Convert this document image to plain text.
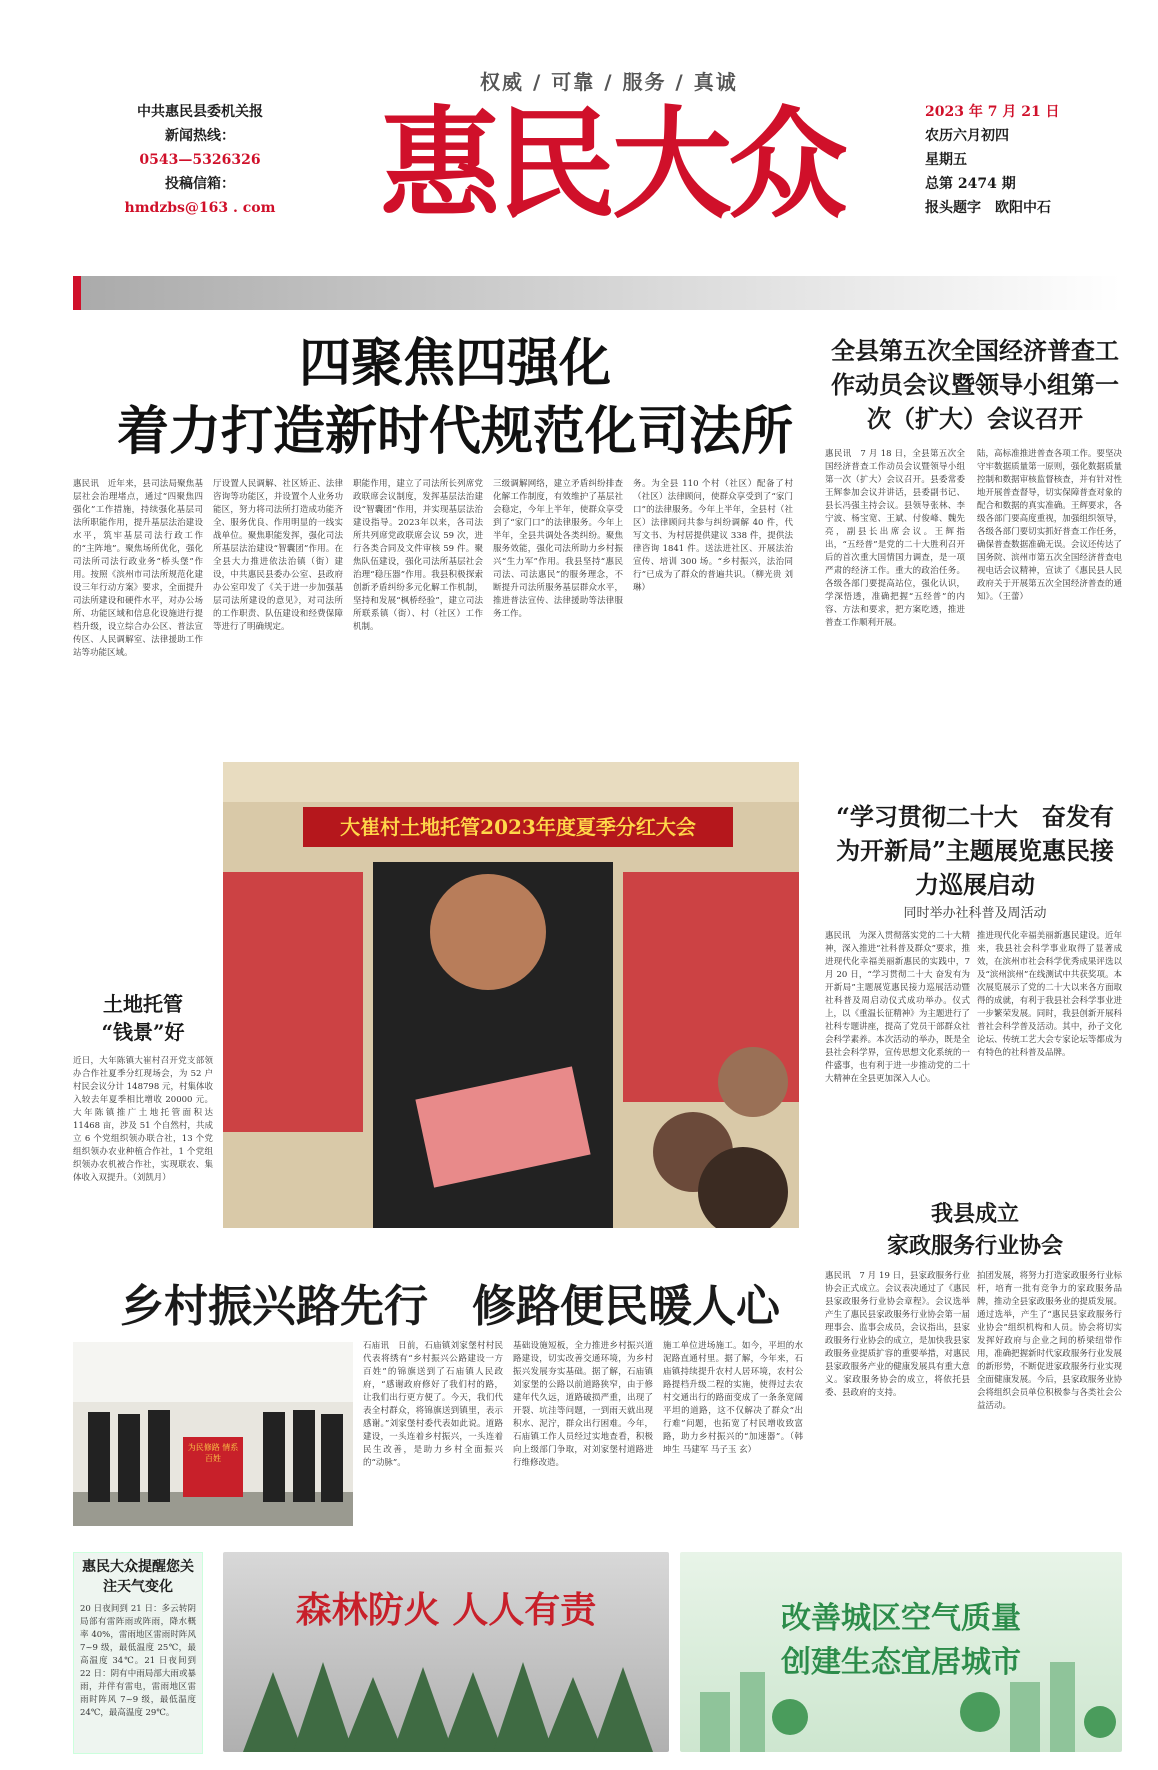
权威 / 可靠 / 服务 / 真诚
中共惠民县委机关报
新闻热线：
0543—5326326
投稿信箱：
hmdzbs@163 . com 惠民大众	2023 年 7 月 21 日
农历六月初四
星期五
总第 2474 期
报头题字　欧阳中石
四聚焦四强化
着力打造新时代规范化司法所
惠民讯　近年来，县司法局聚焦基层社会治理堵点，通过“四聚焦四强化”工作措施，持续强化基层司法所职能作用，提升基层法治建设水平，筑牢基层司法行政工作的“主阵地”。聚焦场所优化，强化司法所司法行政业务“桥头堡”作用。按照《滨州市司法所规范化建设三年行动方案》要求，全面提升司法所建设和硬件水平，对办公场所、功能区域和信息化设施进行提档升级，设立综合办公区、普法宣传区、人民调解室、法律援助工作站等功能区域。
厅设置人民调解、社区矫正、法律咨询等功能区，并设置个人业务功能区，努力将司法所打造成功能齐全、服务优良、作用明显的一线实战单位。聚焦职能发挥，强化司法所基层法治建设“智囊团”作用。在全县大力推进依法治镇（街）建设，中共惠民县委办公室、县政府办公室印发了《关于进一步加强基层司法所建设的意见》，对司法所的工作职责、队伍建设和经费保障等进行了明确规定。
职能作用，建立了司法所长列席党政联席会议制度，发挥基层法治建设“智囊团”作用，并实现基层法治建设指导。2023年以来，各司法所共列席党政联席会议 59 次，进行各类合同及文件审核 59 件。聚焦队伍建设，强化司法所基层社会治理“稳压器”作用。我县积极探索创新矛盾纠纷多元化解工作机制，坚持和发展“枫桥经验”，建立司法所联系镇（街）、村（社区）工作机制。
三级调解网络，建立矛盾纠纷排查化解工作制度，有效维护了基层社会稳定，今年上半年，使群众享受到了“家门口”的法律服务。今年上半年，全县共调处各类纠纷。聚焦服务效能，强化司法所助力乡村振兴“生力军”作用。我县坚持“惠民司法、司法惠民”的服务理念，不断提升司法所服务基层群众水平，推进普法宣传、法律援助等法律服务工作。
务。为全县 110 个村（社区）配备了村（社区）法律顾问，使群众享受到了“家门口”的法律服务。今年上半年，全县村（社区）法律顾问共参与纠纷调解 40 件，代写文书、为村居提供建议 338 件，提供法律咨询 1841 件。送法进社区、开展法治宣传、培训 300 场。“乡村振兴，法治同行”已成为了群众的普遍共识。（柳光贵 刘琳）
全县第五次全国经济普查工作动员会议暨领导小组第一次（扩大）会议召开
惠民讯　7 月 18 日，全县第五次全国经济普查工作动员会议暨领导小组第一次（扩大）会议召开。县委常委王辉参加会议并讲话，县委副书记、县长冯强主持会议。县领导张林、李宁波、杨宝宽、王斌、付俊峰、魏先亮，副县长出席会议。王辉指出，“五经普”是党的二十大胜利召开后的首次重大国情国力调查，是一项严肃的经济工作。重大的政治任务。各级各部门要提高站位，强化认识，学深悟透，准确把握“五经普”的内容、方法和要求，把方案吃透，推进普查工作顺利开展。
陆，高标准推进普查各项工作。要坚决守牢数据质量第一原则，强化数据质量控制和数据审核监督核查，并有针对性地开展普查督导，切实保障普查对象的配合和数据的真实准确。王辉要求，各级各部门要高度重视，加强组织领导，各级各部门要切实抓好普查工作任务，确保普查数据准确无误。会议还传达了国务院、滨州市第五次全国经济普查电视电话会议精神，宣读了《惠民县人民政府关于开展第五次全国经济普查的通知》。（王蕾）
大崔村土地托管2023年度夏季分红大会
土地托管
“钱景”好
近日，大年陈镇大崔村召开党支部领办合作社夏季分红现场会，为 52 户村民会议分计 148798 元，村集体收入较去年夏季相比增收 20000 元。大年陈镇推广土地托管面积达 11468 亩，涉及 51 个自然村，共成立 6 个党组织领办联合社，13 个党组织领办农业种植合作社，1 个党组织领办农机被合作社，实现联农、集体收入双提升。（刘凯月）
“学习贯彻二十大　奋发有为开新局”主题展览惠民接力巡展启动
同时举办社科普及周活动
惠民讯　为深入贯彻落实党的二十大精神，深入推进“社科普及群众”要求，推进现代化幸福美丽新惠民的实践中，7 月 20 日，“学习贯彻二十大 奋发有为开新局”主题展览惠民接力巡展活动暨社科普及周启动仪式成功举办。仪式上，以《重温长征精神》为主题进行了社科专题讲座，提高了党员干部群众社会科学素养。本次活动的举办，既是全县社会科学界，宣传思想文化系统的一件盛事，也有利于进一步推动党的二十大精神在全县更加深入人心。
推进现代化幸福美丽新惠民建设。近年来，我县社会科学事业取得了显著成效，在滨州市社会科学优秀成果评选以及“滨州滨州”在线测试中共获奖项。本次展览展示了党的二十大以来各方面取得的成就，有利于我县社会科学事业进一步繁荣发展。同时，我县创新开展科普社会科学普及活动。其中，孙子文化论坛、传统工艺大会专家论坛等都成为有特色的社科普及品牌。
我县成立
家政服务行业协会
惠民讯　7 月 19 日，县家政服务行业协会正式成立。会议表决通过了《惠民县家政服务行业协会章程》。会议选举产生了惠民县家政服务行业协会第一届理事会、监事会成员，会议指出，县家政服务行业协会的成立，是加快我县家政服务业提质扩容的重要举措，对惠民县家政服务产业的健康发展具有重大意义。家政服务协会的成立，将依托县委、县政府的支持。
拍团发展，将努力打造家政服务行业标杆，培育一批有竞争力的家政服务品牌，推动全县家政服务业的提质发展。通过选举，产生了“惠民县家政服务行业协会”组织机构和人员。协会将切实发挥好政府与企业之间的桥梁纽带作用，准确把握新时代家政服务行业发展的新形势，不断促进家政服务行业实现全面健康发展。今后，县家政服务业协会将组织会员单位积极参与各类社会公益活动。
乡村振兴路先行　修路便民暖人心
为民修路 情系百姓
石庙讯　日前，石庙镇刘家堡村村民代表将绣有“乡村振兴公路建设一方百姓”的锦旗送到了石庙镇人民政府，“感谢政府修好了我们村的路，让我们出行更方便了。今天，我们代表全村群众，将锦旗送到镇里，表示感谢。”刘家堡村委代表如此说。道路建设，一头连着乡村振兴，一头连着民生改善，是助力乡村全面振兴的“动脉”。
基础设施短板，全力推进乡村振兴道路建设，切实改善交通环境，为乡村振兴发展夯实基础。据了解，石庙镇刘家堡的公路以前道路狭窄，由于修建年代久远，道路破损严重，出现了开裂、坑洼等问题，一到雨天就出现积水、泥泞，群众出行困难。今年，石庙镇工作人员经过实地查看，积极向上级部门争取，对刘家堡村道路进行维修改造。
施工单位进场施工。如今，平坦的水泥路直通村里。据了解，今年来，石庙镇持续提升农村人居环境，农村公路提档升级二程的实施，使得过去农村交通出行的路面变成了一条条宽阔平坦的道路，这不仅解决了群众“出行难”问题，也拓宽了村民增收致富路，助力乡村振兴的“加速器”。（韩坤生 马建军 马子玉 玄）
惠民大众提醒您关注天气变化
20 日夜间到 21 日：多云转阴局部有雷阵雨或阵雨，降水概率 40%，雷雨地区雷雨时阵风 7~9 级，最低温度 25℃，最高温度 34℃。21 日夜间到 22 日：阴有中雨局部大雨或暴雨，并伴有雷电，雷雨地区雷雨时阵风 7~9 级，最低温度 24℃，最高温度 29℃。
森林防火 人人有责	改善城区空气质量
创建生态宜居城市
